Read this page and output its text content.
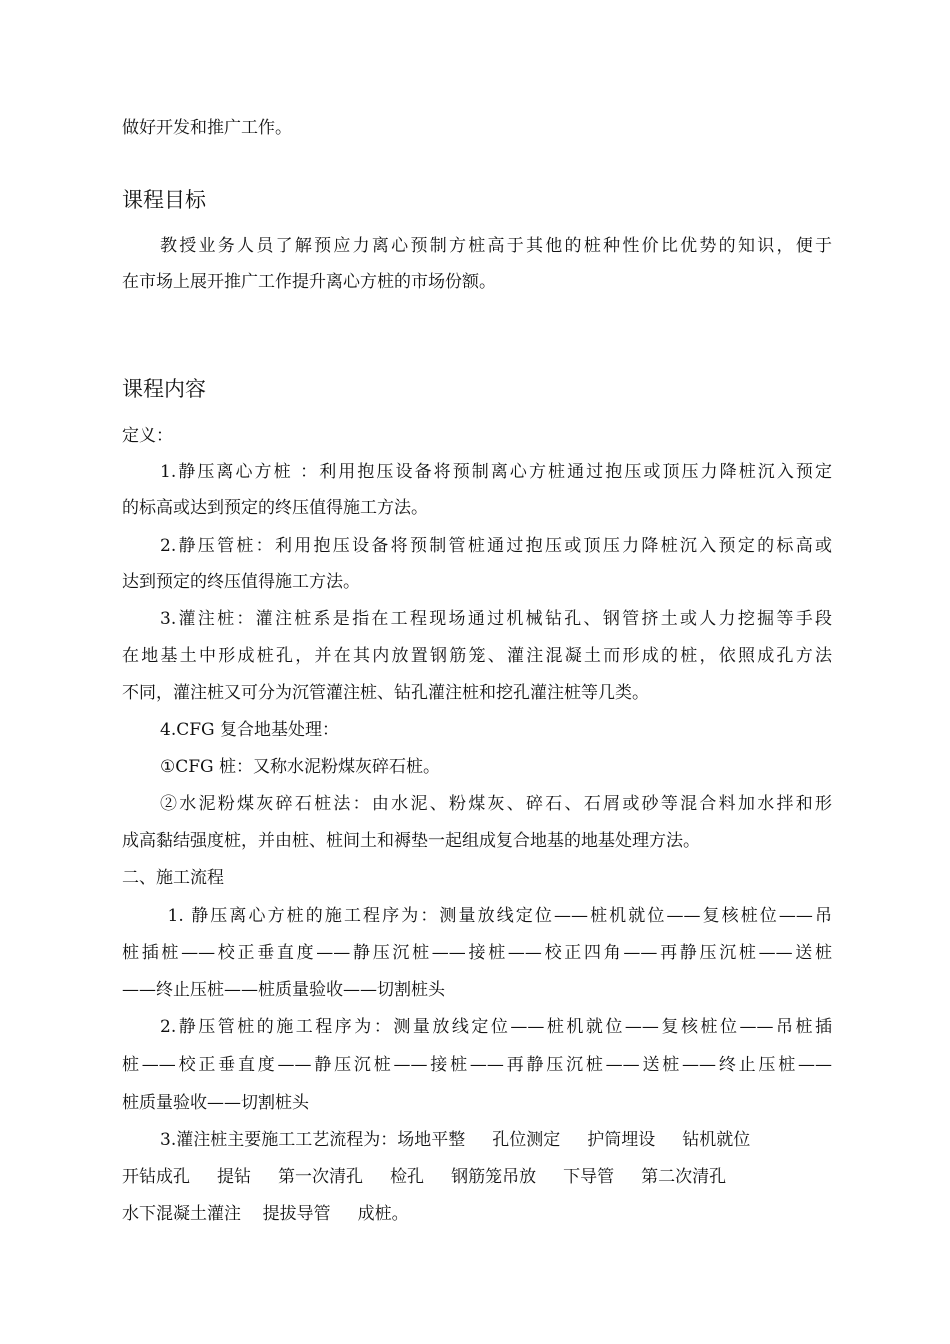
做好开发和推广工作。
课程目标
教授业务人员了解预应力离心预制方桩高于其他的桩种性价比优势的知识，便于
在市场上展开推广工作提升离心方桩的市场份额。
课程内容
定义：
1.静压离心方桩 ：利用抱压设备将预制离心方桩通过抱压或顶压力降桩沉入预定
的标高或达到预定的终压值得施工方法。
2.静压管桩：利用抱压设备将预制管桩通过抱压或顶压力降桩沉入预定的标高或
达到预定的终压值得施工方法。
3.灌注桩：灌注桩系是指在工程现场通过机械钻孔、钢管挤土或人力挖掘等手段
在地基土中形成桩孔，并在其内放置钢筋笼、灌注混凝土而形成的桩，依照成孔方法
不同，灌注桩又可分为沉管灌注桩、钻孔灌注桩和挖孔灌注桩等几类。
4.CFG 复合地基处理：
①CFG 桩：又称水泥粉煤灰碎石桩。
②水泥粉煤灰碎石桩法：由水泥、粉煤灰、碎石、石屑或砂等混合料加水拌和形
成高黏结强度桩，并由桩、桩间土和褥垫一起组成复合地基的地基处理方法。
二、施工流程
1. 静压离心方桩的施工程序为：测量放线定位——桩机就位——复核桩位——吊
桩插桩——校正垂直度——静压沉桩——接桩——校正四角——再静压沉桩——送桩
——终止压桩——桩质量验收——切割桩头
2.静压管桩的施工程序为：测量放线定位——桩机就位——复核桩位——吊桩插
桩——校正垂直度——静压沉桩——接桩——再静压沉桩——送桩——终止压桩——
桩质量验收——切割桩头
3.灌注桩主要施工工艺流程为：场地平整     孔位测定     护筒埋设     钻机就位
开钻成孔     提钻     第一次清孔     检孔     钢筋笼吊放     下导管     第二次清孔
水下混凝土灌注    提拔导管     成桩。
